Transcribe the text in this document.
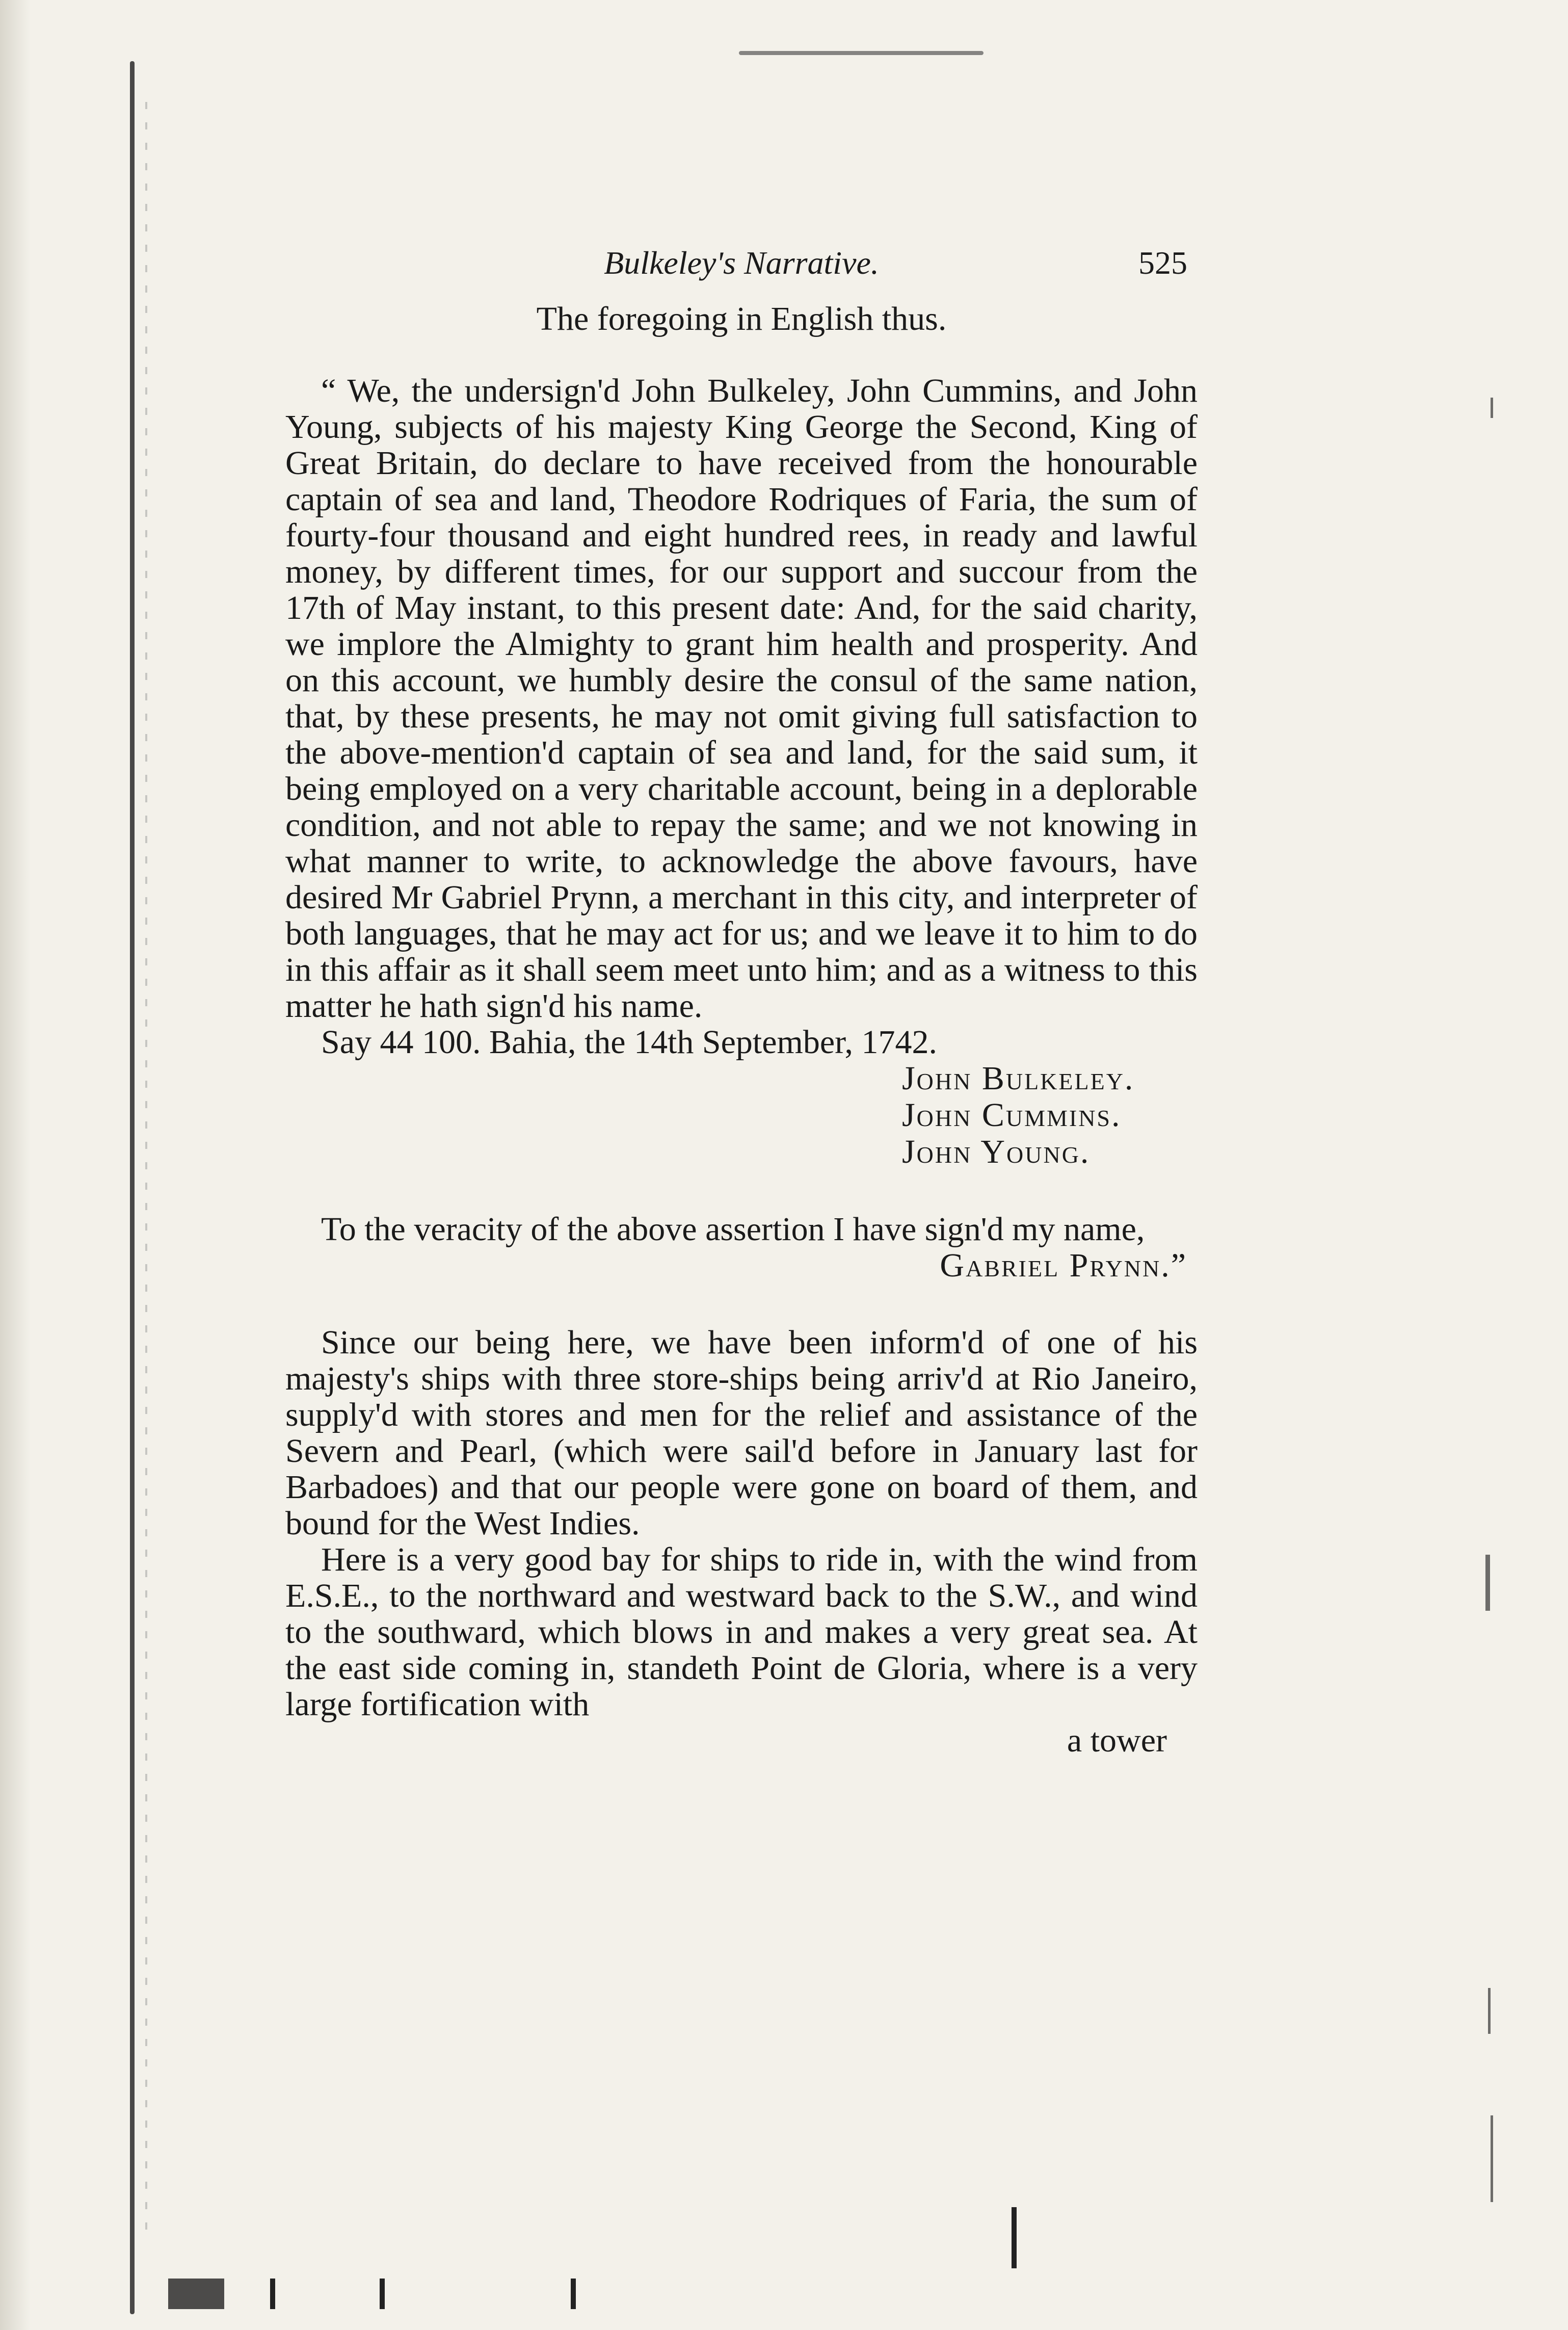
Bulkeley's Narrative.	525
The foregoing in English thus.

“ We, the undersign'd John Bulkeley, John Cummins, and John Young, subjects of his majesty King George the Second, King of Great Britain, do declare to have received from the honourable captain of sea and land, Theodore Rodriques of Faria, the sum of fourty-four thousand and eight hundred rees, in ready and lawful money, by different times, for our support and succour from the 17th of May instant, to this present date: And, for the said charity, we implore the Almighty to grant him health and prosperity. And on this account, we humbly desire the consul of the same nation, that, by these presents, he may not omit giving full satisfaction to the above-mention'd captain of sea and land, for the said sum, it being employed on a very charitable account, being in a deplorable condition, and not able to repay the same; and we not knowing in what manner to write, to acknowledge the above favours, have desired Mr Gabriel Prynn, a merchant in this city, and interpreter of both languages, that he may act for us; and we leave it to him to do in this affair as it shall seem meet unto him; and as a witness to this matter he hath sign'd his name.

Say 44 100. Bahia, the 14th September, 1742.

John Bulkeley.
John Cummins.
John Young.

To the veracity of the above assertion I have sign'd my name,

Gabriel Prynn.”

Since our being here, we have been inform'd of one of his majesty's ships with three store-ships being arriv'd at Rio Janeiro, supply'd with stores and men for the relief and assistance of the Severn and Pearl, (which were sail'd before in January last for Barbadoes) and that our people were gone on board of them, and bound for the West Indies.

Here is a very good bay for ships to ride in, with the wind from E.S.E., to the northward and westward back to the S.W., and wind to the southward, which blows in and makes a very great sea. At the east side coming in, standeth Point de Gloria, where is a very large fortification with

a tower
